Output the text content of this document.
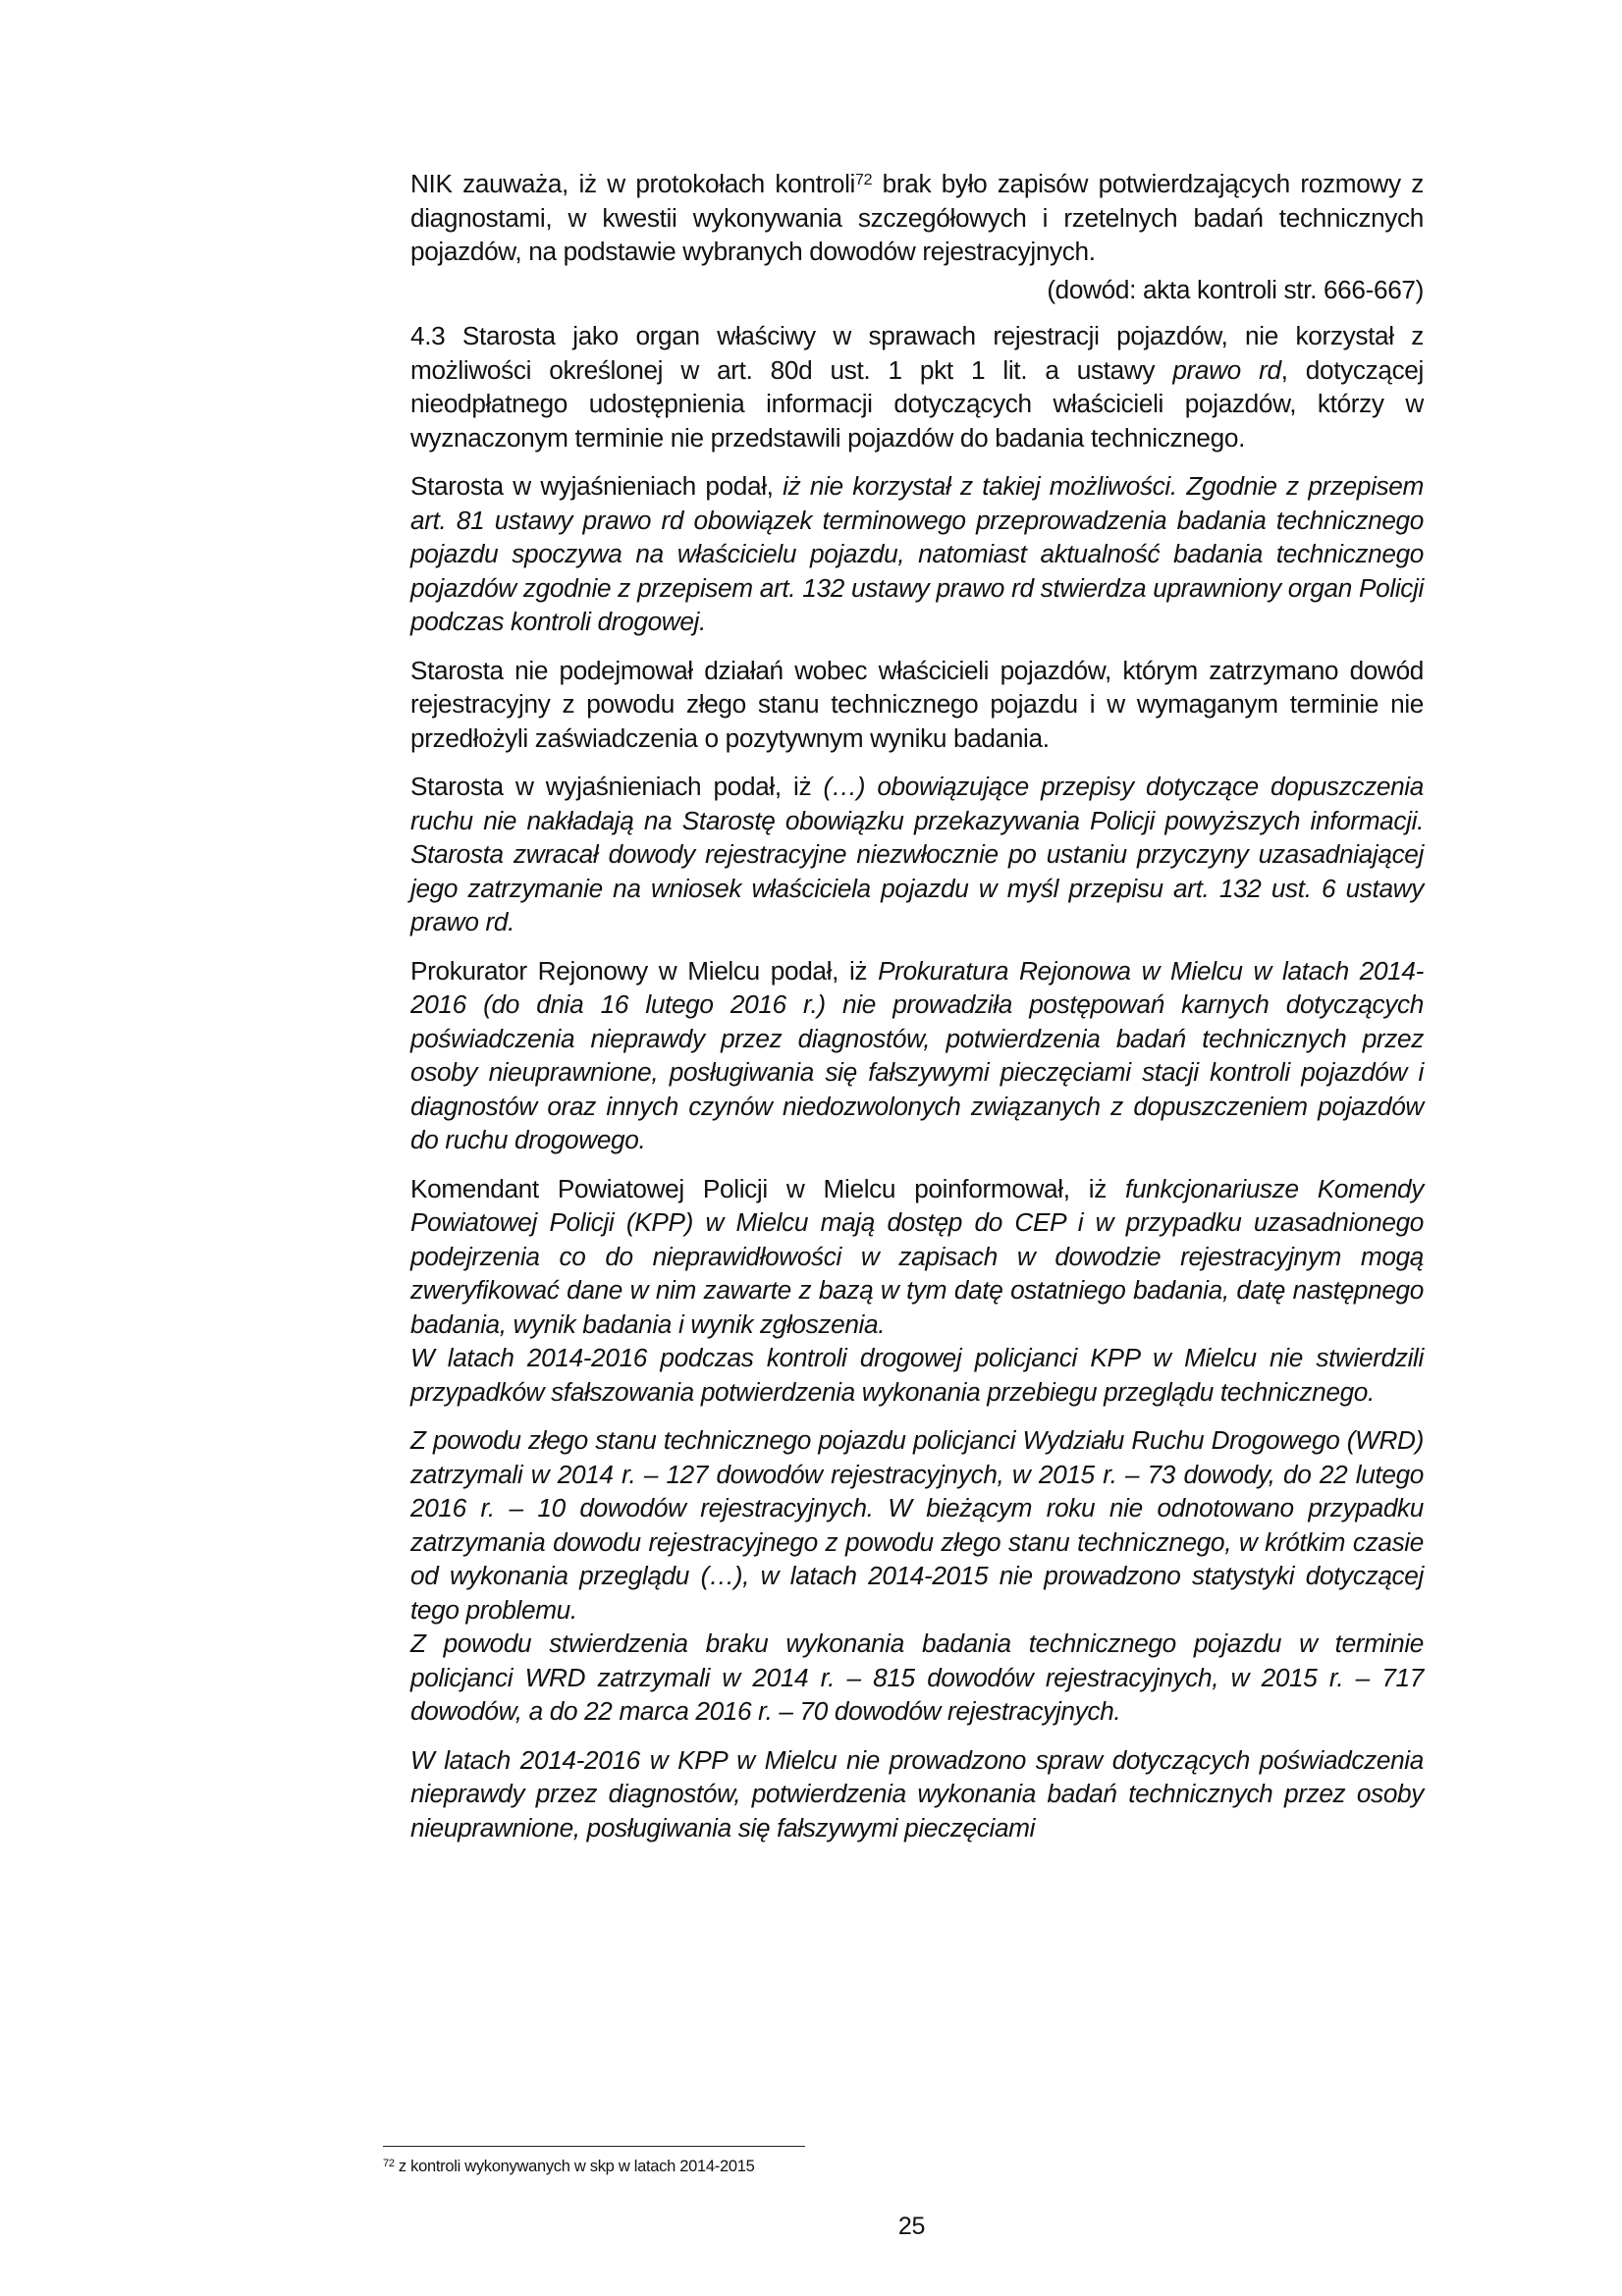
NIK zauważa, iż w protokołach kontroli$^{72}$ brak było zapisów potwierdzających rozmowy z diagnostami, w kwestii wykonywania szczegółowych i rzetelnych badań technicznych pojazdów, na podstawie wybranych dowodów rejestracyjnych.

(dowód: akta kontroli str. 666-667)

4.3 Starosta jako organ właściwy w sprawach rejestracji pojazdów, nie korzystał z możliwości określonej w art. 80d ust. 1 pkt 1 lit. a ustawy prawo rd, dotyczącej nieodpłatnego udostępnienia informacji dotyczących właścicieli pojazdów, którzy w wyznaczonym terminie nie przedstawili pojazdów do badania technicznego.

Starosta w wyjaśnieniach podał, iż nie korzystał z takiej możliwości. Zgodnie z przepisem art. 81 ustawy prawo rd obowiązek terminowego przeprowadzenia badania technicznego pojazdu spoczywa na właścicielu pojazdu, natomiast aktualność badania technicznego pojazdów zgodnie z przepisem art. 132 ustawy prawo rd stwierdza uprawniony organ Policji podczas kontroli drogowej.

Starosta nie podejmował działań wobec właścicieli pojazdów, którym zatrzymano dowód rejestracyjny z powodu złego stanu technicznego pojazdu i w wymaganym terminie nie przedłożyli zaświadczenia o pozytywnym wyniku badania.

Starosta w wyjaśnieniach podał, iż (…) obowiązujące przepisy dotyczące dopuszczenia ruchu nie nakładają na Starostę obowiązku przekazywania Policji powyższych informacji. Starosta zwracał dowody rejestracyjne niezwłocznie po ustaniu przyczyny uzasadniającej jego zatrzymanie na wniosek właściciela pojazdu w myśl przepisu art. 132 ust. 6 ustawy prawo rd.

Prokurator Rejonowy w Mielcu podał, iż Prokuratura Rejonowa w Mielcu w latach 2014-2016 (do dnia 16 lutego 2016 r.) nie prowadziła postępowań karnych dotyczących poświadczenia nieprawdy przez diagnostów, potwierdzenia badań technicznych przez osoby nieuprawnione, posługiwania się fałszywymi pieczęciami stacji kontroli pojazdów i diagnostów oraz innych czynów niedozwolonych związanych z dopuszczeniem pojazdów do ruchu drogowego.

Komendant Powiatowej Policji w Mielcu poinformował, iż funkcjonariusze Komendy Powiatowej Policji (KPP) w Mielcu mają dostęp do CEP i w przypadku uzasadnionego podejrzenia co do nieprawidłowości w zapisach w dowodzie rejestracyjnym mogą zweryfikować dane w nim zawarte z bazą w tym datę ostatniego badania, datę następnego badania, wynik badania i wynik zgłoszenia.

W latach 2014-2016 podczas kontroli drogowej policjanci KPP w Mielcu nie stwierdzili przypadków sfałszowania potwierdzenia wykonania przebiegu przeglądu technicznego.

Z powodu złego stanu technicznego pojazdu policjanci Wydziału Ruchu Drogowego (WRD) zatrzymali w 2014 r. – 127 dowodów rejestracyjnych, w 2015 r. – 73 dowody, do 22 lutego 2016 r. – 10 dowodów rejestracyjnych. W bieżącym roku nie odnotowano przypadku zatrzymania dowodu rejestracyjnego z powodu złego stanu technicznego, w krótkim czasie od wykonania przeglądu (…), w latach 2014-2015 nie prowadzono statystyki dotyczącej tego problemu.

Z powodu stwierdzenia braku wykonania badania technicznego pojazdu w terminie policjanci WRD zatrzymali w 2014 r. – 815 dowodów rejestracyjnych, w 2015 r. – 717 dowodów, a do 22 marca 2016 r. – 70 dowodów rejestracyjnych.

W latach 2014-2016 w KPP w Mielcu nie prowadzono spraw dotyczących poświadczenia nieprawdy przez diagnostów, potwierdzenia wykonania badań technicznych przez osoby nieuprawnione, posługiwania się fałszywymi pieczęciami

$^{72}$ z kontroli wykonywanych w skp w latach 2014-2015
25
